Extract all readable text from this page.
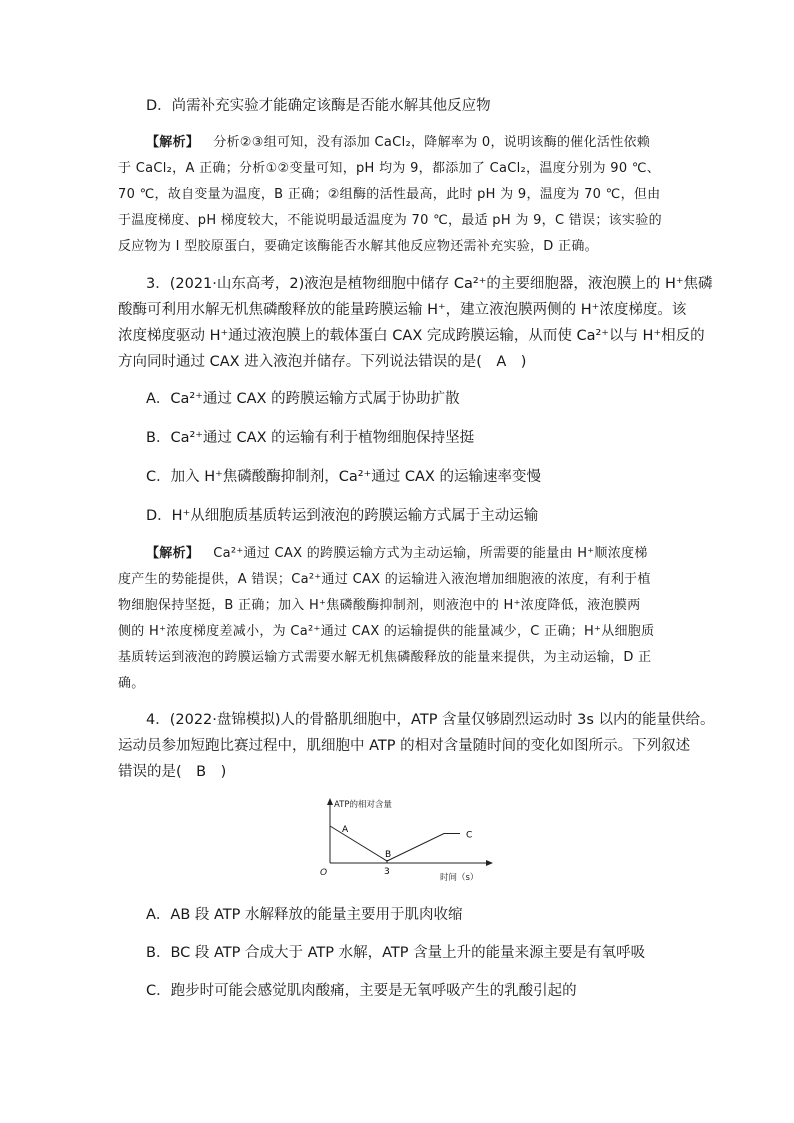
D．尚需补充实验才能确定该酶是否能水解其他反应物
【解析】 分析②③组可知，没有添加 CaCl₂，降解率为 0，说明该酶的催化活性依赖
于 CaCl₂，A 正确；分析①②变量可知，pH 均为 9，都添加了 CaCl₂，温度分别为 90 ℃、
70 ℃，故自变量为温度，B 正确；②组酶的活性最高，此时 pH 为 9，温度为 70 ℃，但由
于温度梯度、pH 梯度较大，不能说明最适温度为 70 ℃，最适 pH 为 9，C 错误；该实验的
反应物为 Ⅰ 型胶原蛋白，要确定该酶能否水解其他反应物还需补充实验，D 正确。
3．(2021·山东高考，2)液泡是植物细胞中储存 Ca²⁺的主要细胞器，液泡膜上的 H⁺焦磷
酸酶可利用水解无机焦磷酸释放的能量跨膜运输 H⁺，建立液泡膜两侧的 H⁺浓度梯度。该
浓度梯度驱动 H⁺通过液泡膜上的载体蛋白 CAX 完成跨膜运输，从而使 Ca²⁺以与 H⁺相反的
方向同时通过 CAX 进入液泡并储存。下列说法错误的是(　A　)
A．Ca²⁺通过 CAX 的跨膜运输方式属于协助扩散
B．Ca²⁺通过 CAX 的运输有利于植物细胞保持坚挺
C．加入 H⁺焦磷酸酶抑制剂，Ca²⁺通过 CAX 的运输速率变慢
D．H⁺从细胞质基质转运到液泡的跨膜运输方式属于主动运输
【解析】 Ca²⁺通过 CAX 的跨膜运输方式为主动运输，所需要的能量由 H⁺顺浓度梯
度产生的势能提供，A 错误；Ca²⁺通过 CAX 的运输进入液泡增加细胞液的浓度，有利于植
物细胞保持坚挺，B 正确；加入 H⁺焦磷酸酶抑制剂，则液泡中的 H⁺浓度降低，液泡膜两
侧的 H⁺浓度梯度差减小，为 Ca²⁺通过 CAX 的运输提供的能量减少，C 正确；H⁺从细胞质
基质转运到液泡的跨膜运输方式需要水解无机焦磷酸释放的能量来提供，为主动运输，D 正
确。
4．(2022·盘锦模拟)人的骨骼肌细胞中，ATP 含量仅够剧烈运动时 3s 以内的能量供给。
运动员参加短跑比赛过程中，肌细胞中 ATP 的相对含量随时间的变化如图所示。下列叙述
错误的是(　B　)
ATP的相对含量
时间（s）
O	3
A
B
C
A．AB 段 ATP 水解释放的能量主要用于肌肉收缩
B．BC 段 ATP 合成大于 ATP 水解，ATP 含量上升的能量来源主要是有氧呼吸
C．跑步时可能会感觉肌肉酸痛，主要是无氧呼吸产生的乳酸引起的
